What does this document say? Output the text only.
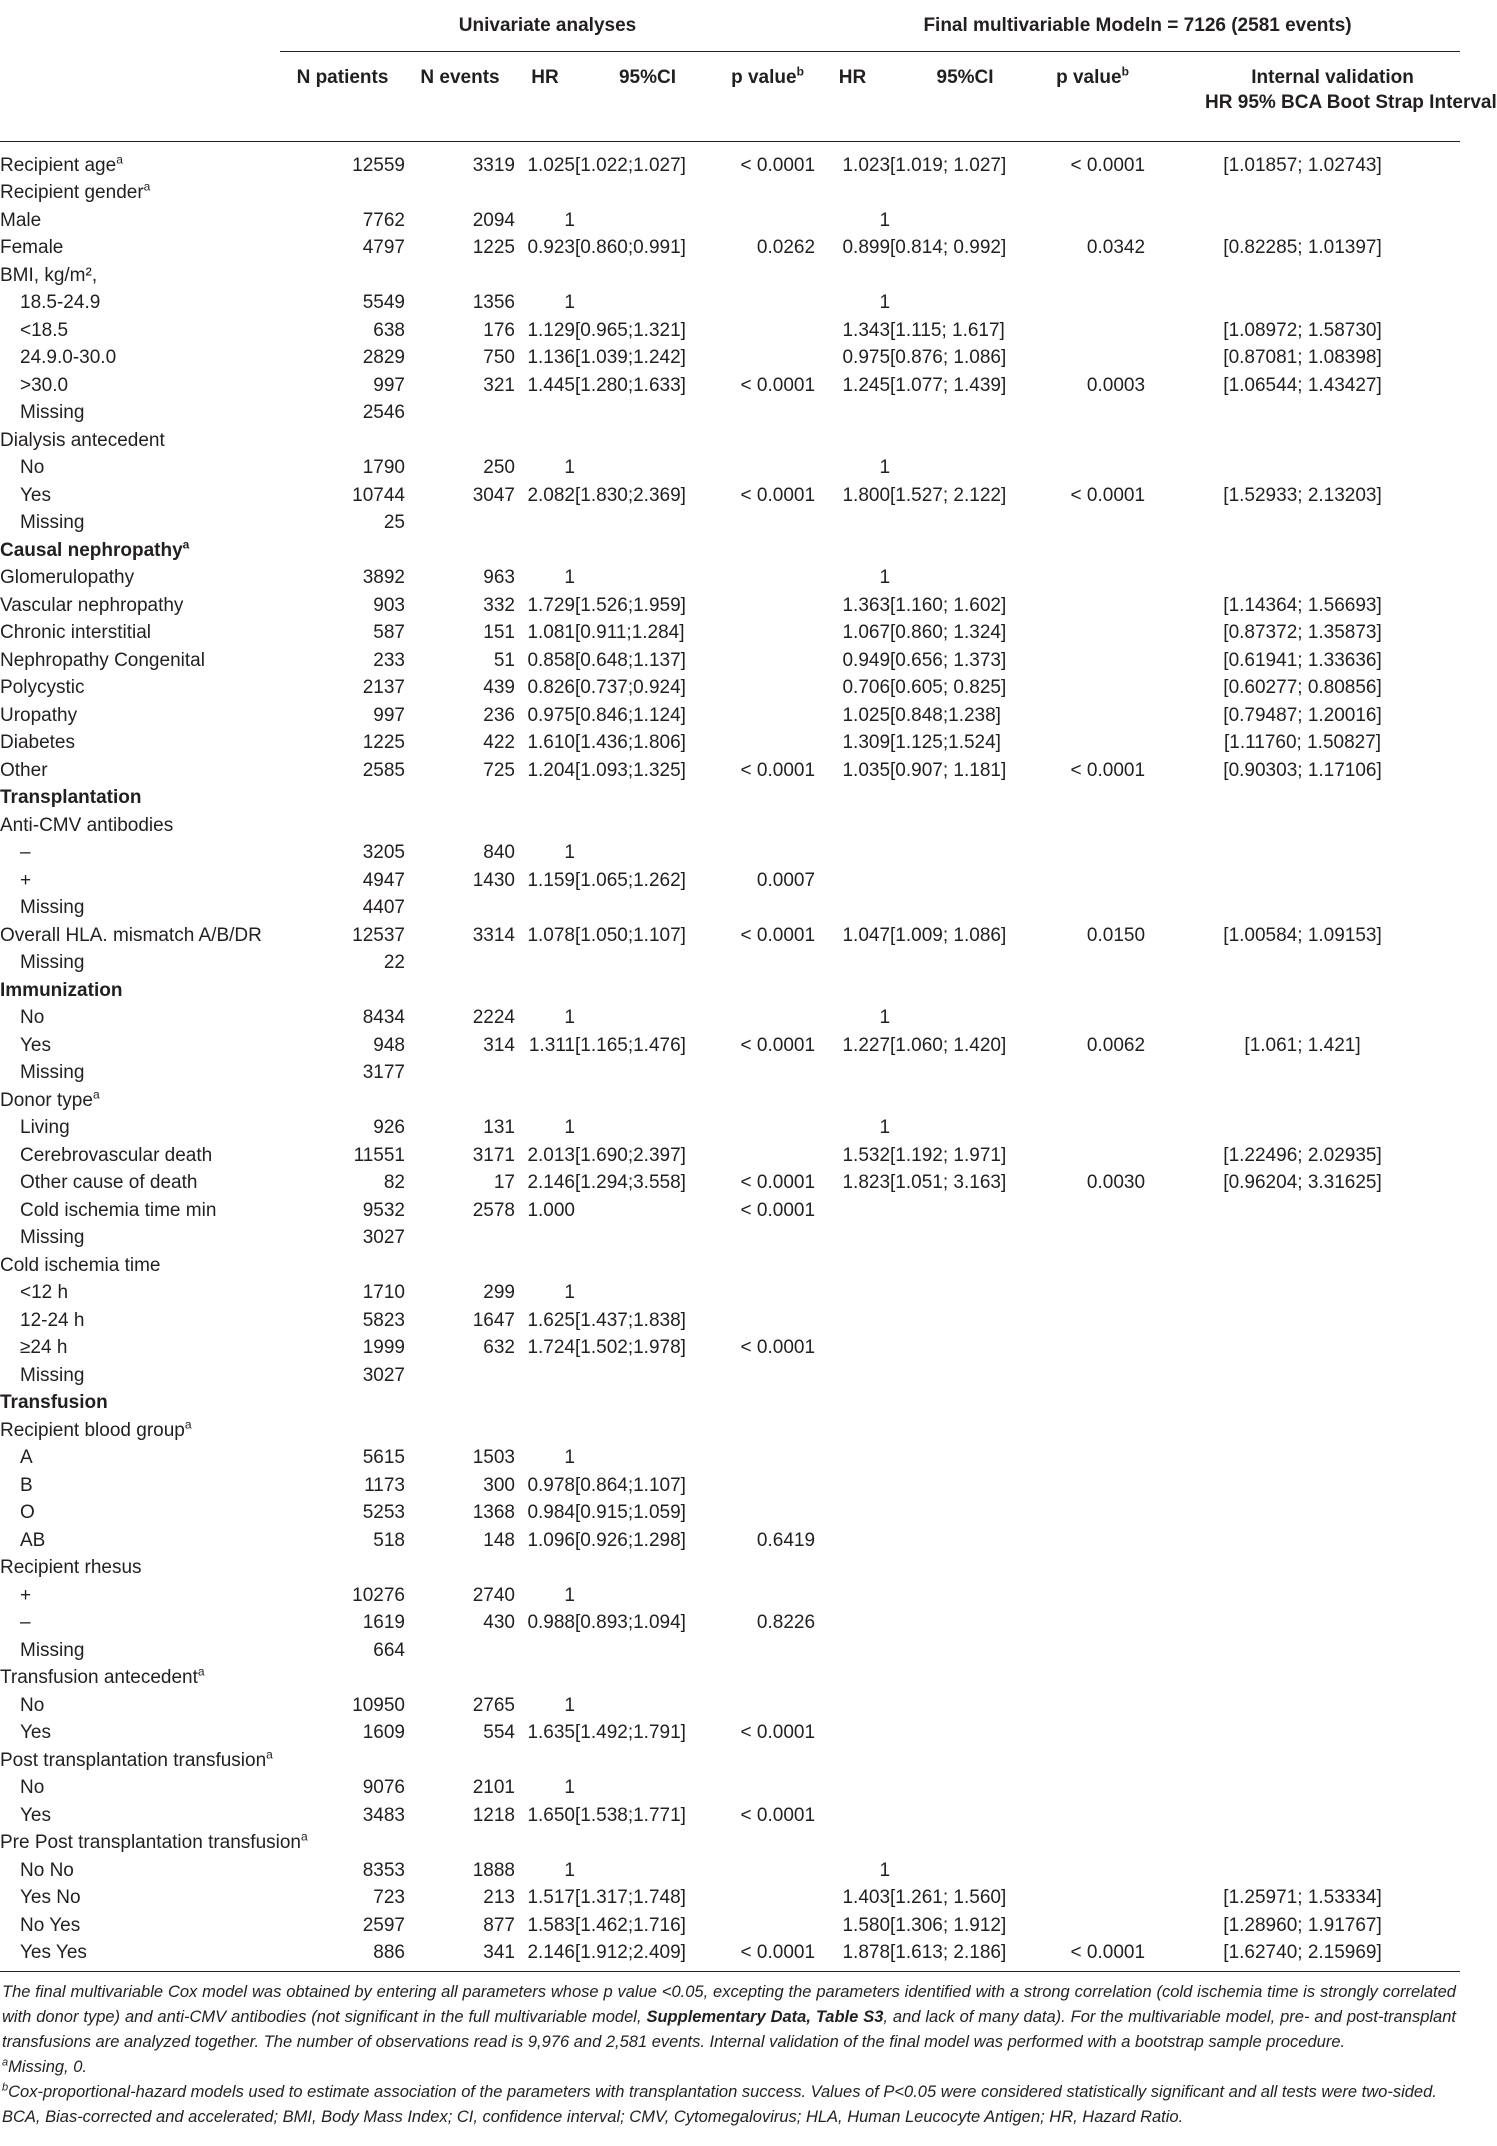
	Univariate analyses					Final multivariable Modeln = 7126 (2581 events)			
	N patients	N events	HR	95%CI	p value$^b$	HR	95%CI	p value$^b$	Internal validation
HR 95% BCA Boot Strap Interval
Recipient age$^a$	12559	3319	1.025	[1.022;1.027]	< 0.0001	1.023	[1.019; 1.027]	< 0.0001	[1.01857; 1.02743]
Recipient gender$^a$									
Male	7762	2094	1			1			
Female	4797	1225	0.923	[0.860;0.991]	0.0262	0.899	[0.814; 0.992]	0.0342	[0.82285; 1.01397]
BMI, kg/m²,									
18.5-24.9	5549	1356	1			1			
<18.5	638	176	1.129	[0.965;1.321]		1.343	[1.115; 1.617]		[1.08972; 1.58730]
24.9.0-30.0	2829	750	1.136	[1.039;1.242]		0.975	[0.876; 1.086]		[0.87081; 1.08398]
>30.0	997	321	1.445	[1.280;1.633]	< 0.0001	1.245	[1.077; 1.439]	0.0003	[1.06544; 1.43427]
Missing	2546								
Dialysis antecedent									
No	1790	250	1			1			
Yes	10744	3047	2.082	[1.830;2.369]	< 0.0001	1.800	[1.527; 2.122]	< 0.0001	[1.52933; 2.13203]
Missing	25								
Causal nephropathy$^a$									
Glomerulopathy	3892	963	1			1			
Vascular nephropathy	903	332	1.729	[1.526;1.959]		1.363	[1.160; 1.602]		[1.14364; 1.56693]
Chronic interstitial	587	151	1.081	[0.911;1.284]		1.067	[0.860; 1.324]		[0.87372; 1.35873]
Nephropathy Congenital	233	51	0.858	[0.648;1.137]		0.949	[0.656; 1.373]		[0.61941; 1.33636]
Polycystic	2137	439	0.826	[0.737;0.924]		0.706	[0.605; 0.825]		[0.60277; 0.80856]
Uropathy	997	236	0.975	[0.846;1.124]		1.025	[0.848;1.238]		[0.79487; 1.20016]
Diabetes	1225	422	1.610	[1.436;1.806]		1.309	[1.125;1.524]		[1.11760; 1.50827]
Other	2585	725	1.204	[1.093;1.325]	< 0.0001	1.035	[0.907; 1.181]	< 0.0001	[0.90303; 1.17106]
Transplantation									
Anti-CMV antibodies									
–	3205	840	1						
+	4947	1430	1.159	[1.065;1.262]	0.0007				
Missing	4407								
Overall HLA. mismatch A/B/DR	12537	3314	1.078	[1.050;1.107]	< 0.0001	1.047	[1.009; 1.086]	0.0150	[1.00584; 1.09153]
Missing	22								
Immunization									
No	8434	2224	1			1			
Yes	948	314	1.311	[1.165;1.476]	< 0.0001	1.227	[1.060; 1.420]	0.0062	[1.061; 1.421]
Missing	3177								
Donor type$^a$									
Living	926	131	1			1			
Cerebrovascular death	11551	3171	2.013	[1.690;2.397]		1.532	[1.192; 1.971]		[1.22496; 2.02935]
Other cause of death	82	17	2.146	[1.294;3.558]	< 0.0001	1.823	[1.051; 3.163]	0.0030	[0.96204; 3.31625]
Cold ischemia time min	9532	2578	1.000		< 0.0001				
Missing	3027								
Cold ischemia time									
<12 h	1710	299	1						
12-24 h	5823	1647	1.625	[1.437;1.838]					
≥24 h	1999	632	1.724	[1.502;1.978]	< 0.0001				
Missing	3027								
Transfusion									
Recipient blood group$^a$									
A	5615	1503	1						
B	1173	300	0.978	[0.864;1.107]					
O	5253	1368	0.984	[0.915;1.059]					
AB	518	148	1.096	[0.926;1.298]	0.6419				
Recipient rhesus									
+	10276	2740	1						
–	1619	430	0.988	[0.893;1.094]	0.8226				
Missing	664								
Transfusion antecedent$^a$									
No	10950	2765	1						
Yes	1609	554	1.635	[1.492;1.791]	< 0.0001				
Post transplantation transfusion$^a$									
No	9076	2101	1						
Yes	3483	1218	1.650	[1.538;1.771]	< 0.0001				
Pre Post transplantation transfusion$^a$									
No No	8353	1888	1			1			
Yes No	723	213	1.517	[1.317;1.748]		1.403	[1.261; 1.560]		[1.25971; 1.53334]
No Yes	2597	877	1.583	[1.462;1.716]		1.580	[1.306; 1.912]		[1.28960; 1.91767]
Yes Yes	886	341	2.146	[1.912;2.409]	< 0.0001	1.878	[1.613; 2.186]	< 0.0001	[1.62740; 2.15969]

The final multivariable Cox model was obtained by entering all parameters whose p value <0.05, excepting the parameters identified with a strong correlation (cold ischemia time is strongly correlated with donor type) and anti-CMV antibodies (not significant in the full multivariable model, Supplementary Data, Table S3, and lack of many data). For the multivariable model, pre- and post-transplant transfusions are analyzed together. The number of observations read is 9,976 and 2,581 events. Internal validation of the final model was performed with a bootstrap sample procedure.

$^a$Missing, 0.

$^b$Cox-proportional-hazard models used to estimate association of the parameters with transplantation success. Values of P<0.05 were considered statistically significant and all tests were two-sided.

BCA, Bias-corrected and accelerated; BMI, Body Mass Index; CI, confidence interval; CMV, Cytomegalovirus; HLA, Human Leucocyte Antigen; HR, Hazard Ratio.
